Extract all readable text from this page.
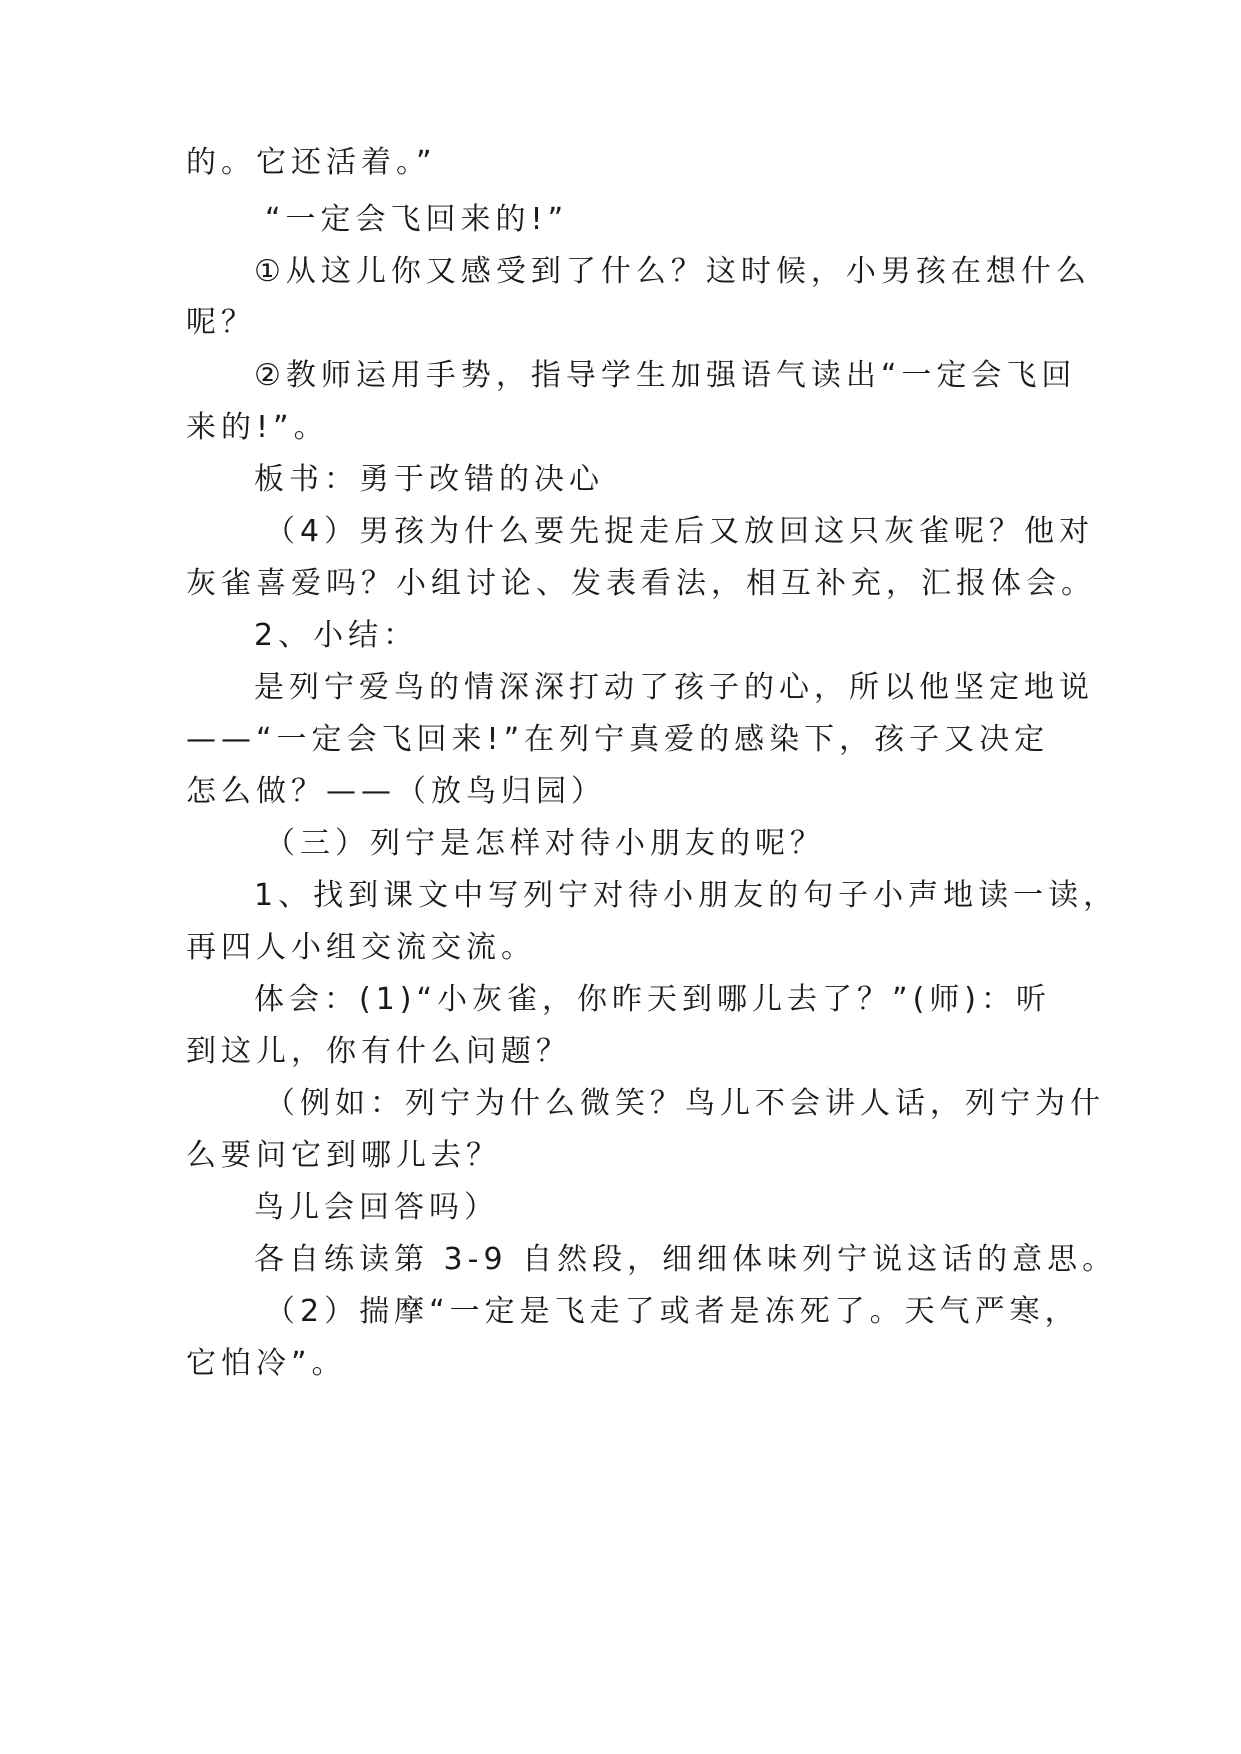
的。它还活着。”
“一定会飞回来的!”
①从这儿你又感受到了什么？这时候，小男孩在想什么
呢？
②教师运用手势，指导学生加强语气读出“一定会飞回
来的!”。
板书：勇于改错的决心
（4）男孩为什么要先捉走后又放回这只灰雀呢？他对
灰雀喜爱吗？小组讨论、发表看法，相互补充，汇报体会。
2、小结：
是列宁爱鸟的情深深打动了孩子的心，所以他坚定地说
——“一定会飞回来!”在列宁真爱的感染下，孩子又决定
怎么做？——（放鸟归园）
（三）列宁是怎样对待小朋友的呢？
1、找到课文中写列宁对待小朋友的句子小声地读一读，
再四人小组交流交流。
体会：(1)“小灰雀，你昨天到哪儿去了？”(师)：听
到这儿，你有什么问题？
（例如：列宁为什么微笑？鸟儿不会讲人话，列宁为什
么要问它到哪儿去？
鸟儿会回答吗）
各自练读第 3-9 自然段，细细体味列宁说这话的意思。
（2）揣摩“一定是飞走了或者是冻死了。天气严寒，
它怕冷”。
